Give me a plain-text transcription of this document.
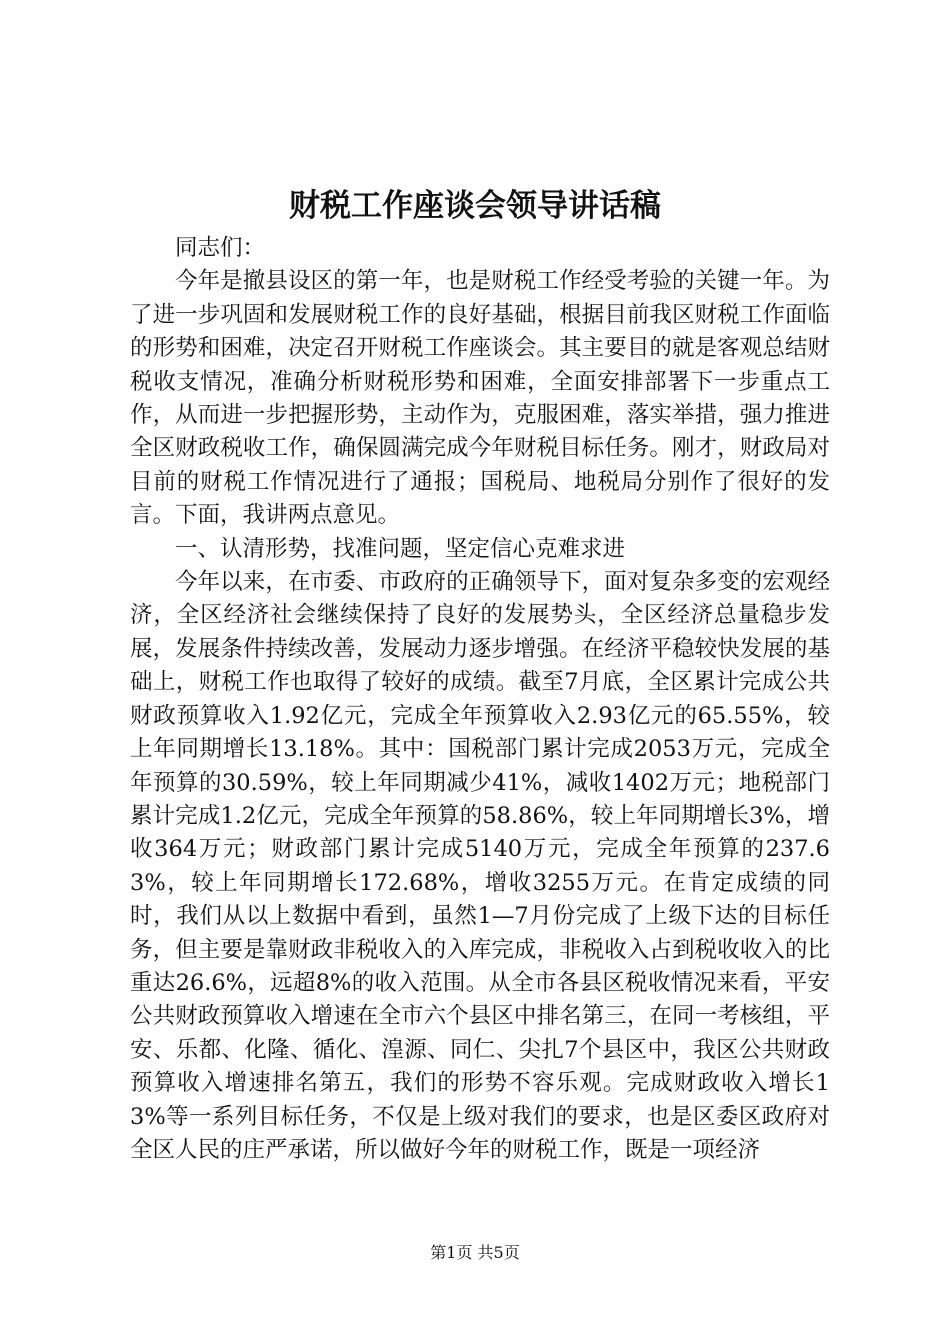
财税工作座谈会领导讲话稿

同志们：

今年是撤县设区的第一年，也是财税工作经受考验的关键一年。为了进一步巩固和发展财税工作的良好基础，根据目前我区财税工作面临的形势和困难，决定召开财税工作座谈会。其主要目的就是客观总结财税收支情况，准确分析财税形势和困难，全面安排部署下一步重点工作，从而进一步把握形势，主动作为，克服困难，落实举措，强力推进全区财政税收工作，确保圆满完成今年财税目标任务。刚才，财政局对目前的财税工作情况进行了通报；国税局、地税局分别作了很好的发言。下面，我讲两点意见。

一、认清形势，找准问题，坚定信心克难求进

今年以来，在市委、市政府的正确领导下，面对复杂多变的宏观经济，全区经济社会继续保持了良好的发展势头，全区经济总量稳步发展，发展条件持续改善，发展动力逐步增强。在经济平稳较快发展的基础上，财税工作也取得了较好的成绩。截至7月底，全区累计完成公共财政预算收入1.92亿元，完成全年预算收入2.93亿元的65.55%，较上年同期增长13.18%。其中：国税部门累计完成2053万元，完成全年预算的30.59%，较上年同期减少41%，减收1402万元；地税部门累计完成1.2亿元，完成全年预算的58.86%，较上年同期增长3%，增收364万元；财政部门累计完成5140万元，完成全年预算的237.63%，较上年同期增长172.68%，增收3255万元。在肯定成绩的同时，我们从以上数据中看到，虽然1—7月份完成了上级下达的目标任务，但主要是靠财政非税收入的入库完成，非税收入占到税收收入的比重达26.6%，远超8%的收入范围。从全市各县区税收情况来看，平安公共财政预算收入增速在全市六个县区中排名第三，在同一考核组，平安、乐都、化隆、循化、湟源、同仁、尖扎7个县区中，我区公共财政预算收入增速排名第五，我们的形势不容乐观。完成财政收入增长13%等一系列目标任务，不仅是上级对我们的要求，也是区委区政府对全区人民的庄严承诺，所以做好今年的财税工作，既是一项经济

第1页 共5页
